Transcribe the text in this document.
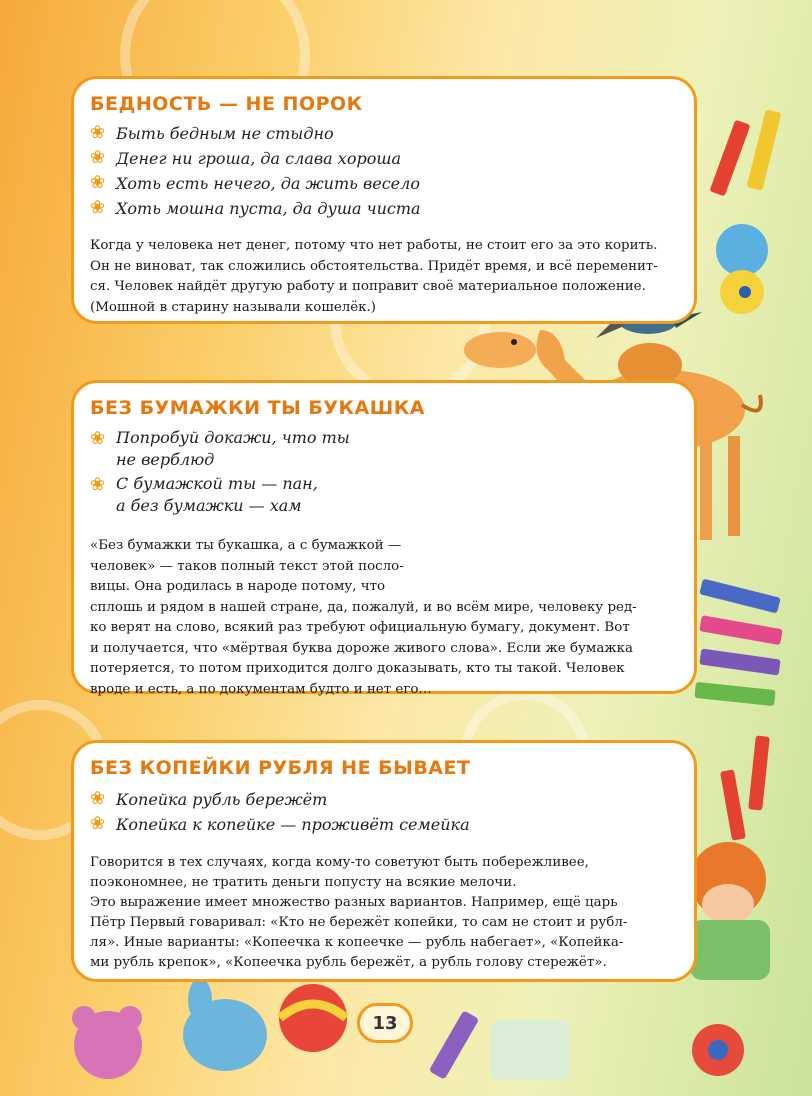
БЕДНОСТЬ — НЕ ПОРОК
❀ Быть бедным не стыдно
❀ Денег ни гроша, да слава хороша
❀ Хоть есть нечего, да жить весело
❀ Хоть мошна пуста, да душа чиста
Когда у человека нет денег, потому что нет работы, не стоит его за это корить.
Он не виноват, так сложились обстоятельства. Придёт время, и всё переменит-
ся. Человек найдёт другую работу и поправит своё материальное положение.
(Мошной в старину называли кошелёк.)
БЕЗ БУМАЖКИ ТЫ БУКАШКА
❀ Попробуй докажи, что ты
не верблюд
❀ С бумажкой ты — пан,
а без бумажки — хам
«Без бумажки ты букашка, а с бумажкой —
человек» — таков полный текст этой посло-
вицы. Она родилась в народе потому, что
сплошь и рядом в нашей стране, да, пожалуй, и во всём мире, человеку ред-
ко верят на слово, всякий раз требуют официальную бумагу, документ. Вот
и получается, что «мёртвая буква дороже живого слова». Если же бумажка
потеряется, то потом приходится долго доказывать, кто ты такой. Человек
вроде и есть, а по документам будто и нет его…
БЕЗ КОПЕЙКИ РУБЛЯ НЕ БЫВАЕТ
❀ Копейка рубль бережёт
❀ Копейка к копейке — проживёт семейка
Говорится в тех случаях, когда кому-то советуют быть побережливее,
поэкономнее, не тратить деньги попусту на всякие мелочи.
Это выражение имеет множество разных вариантов. Например, ещё царь
Пётр Первый говаривал: «Кто не бережёт копейки, то сам не стоит и рубл-
ля». Иные варианты: «Копеечка к копеечке — рубль набегает», «Копейка-
ми рубль крепок», «Копеечка рубль бережёт, а рубль голову стережёт».
13
